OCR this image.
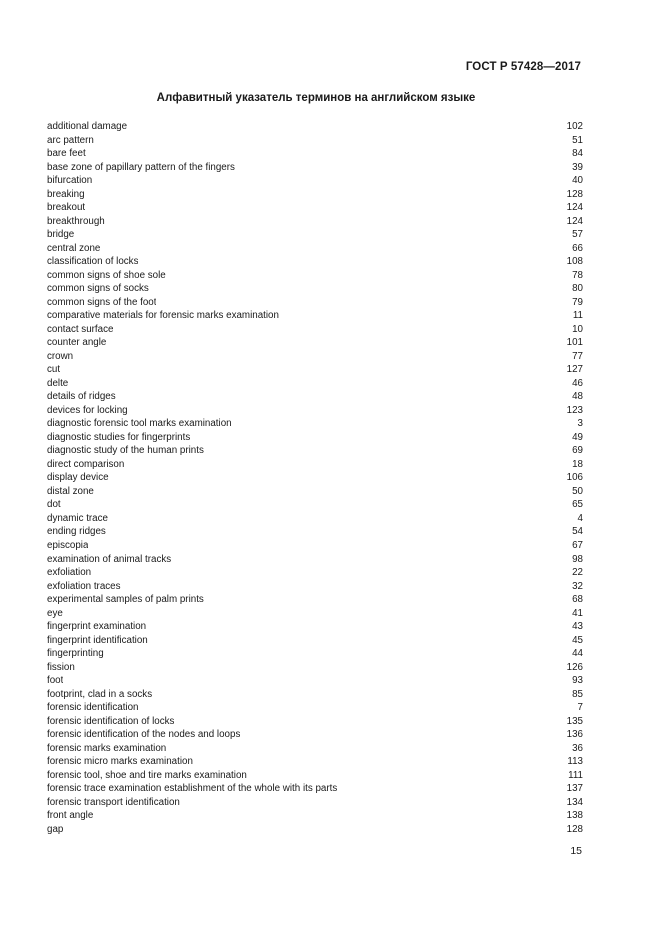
ГОСТ Р 57428—2017
Алфавитный указатель терминов на английском языке
additional damage	102
arc pattern	51
bare feet	84
base zone of papillary pattern of the fingers	39
bifurcation	40
breaking	128
breakout	124
breakthrough	124
bridge	57
central zone	66
classification of locks	108
common signs of shoe sole	78
common signs of socks	80
common signs of the foot	79
comparative materials for forensic marks examination	11
contact surface	10
counter angle	101
crown	77
cut	127
delte	46
details of ridges	48
devices for locking	123
diagnostic forensic tool marks examination	3
diagnostic studies for fingerprints	49
diagnostic study of the human prints	69
direct comparison	18
display device	106
distal zone	50
dot	65
dynamic trace	4
ending ridges	54
episcopia	67
examination of animal tracks	98
exfoliation	22
exfoliation traces	32
experimental samples of palm prints	68
eye	41
fingerprint examination	43
fingerprint identification	45
fingerprinting	44
fission	126
foot	93
footprint, clad in a socks	85
forensic identification	7
forensic identification of locks	135
forensic identification of the nodes and loops	136
forensic marks examination	36
forensic micro marks examination	113
forensic tool, shoe and tire marks examination	111
forensic trace examination establishment of the whole with its parts	137
forensic transport identification	134
front angle	138
gap	128
15
